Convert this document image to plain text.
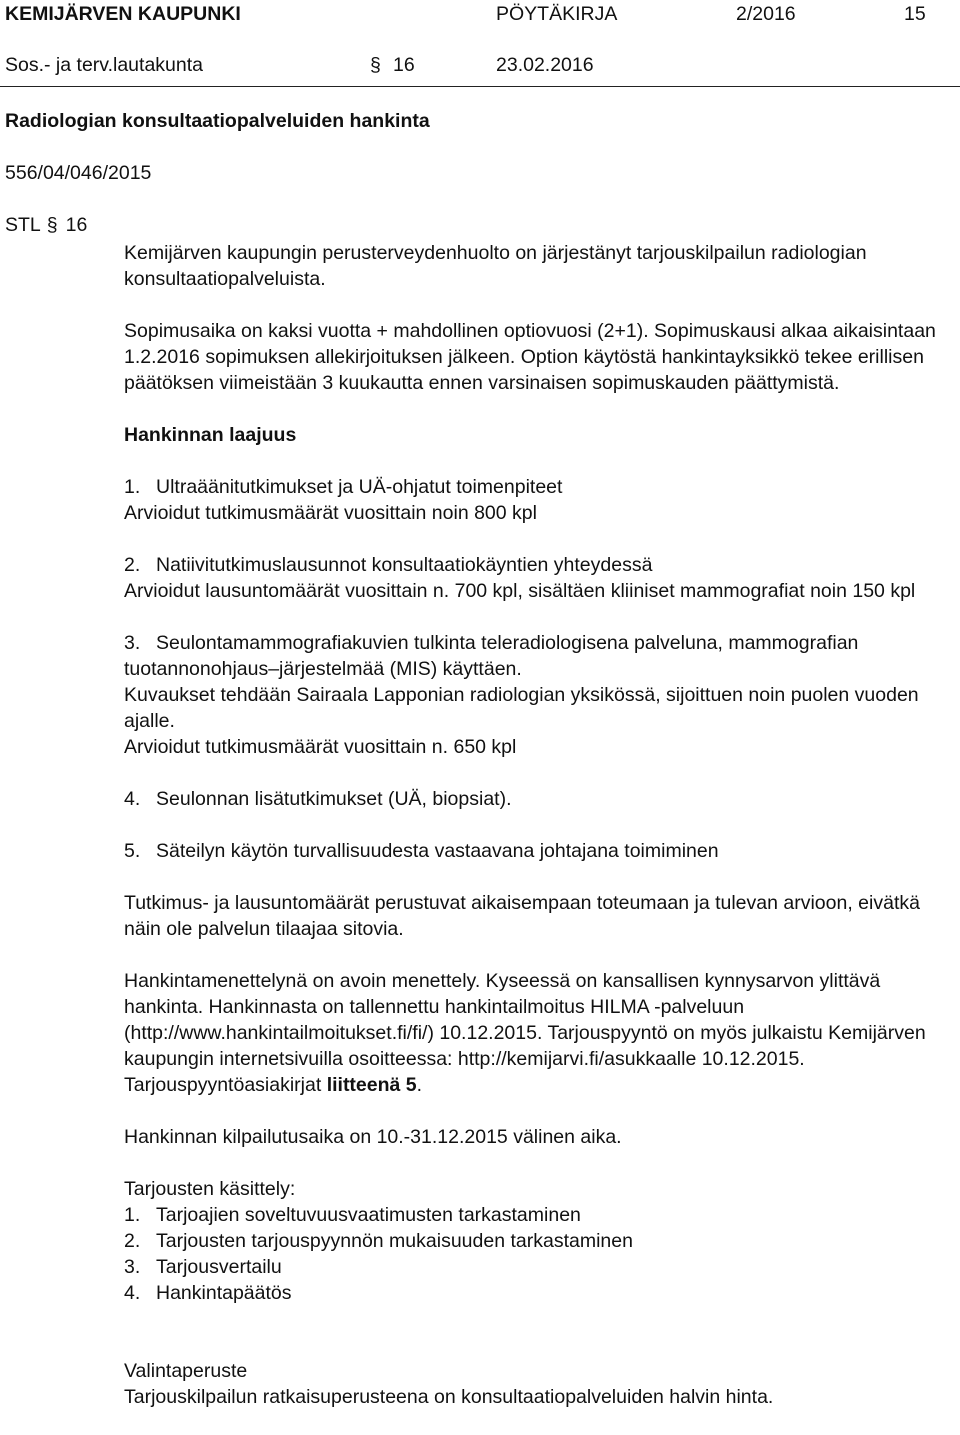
KEMIJÄRVEN KAUPUNKI	PÖYTÄKIRJA	2/2016	15
Sos.- ja terv.lautakunta	§ 16	23.02.2016
Radiologian konsultaatiopalveluiden hankinta
556/04/046/2015
STL § 16

Kemijärven kaupungin perusterveydenhuolto on järjestänyt tarjouskilpailun radiologian konsultaatiopalveluista.

Sopimusaika on kaksi vuotta + mahdollinen optiovuosi (2+1). Sopimuskausi alkaa aikaisintaan 1.2.2016 sopimuksen allekirjoituksen jälkeen. Option käytöstä hankintayksikkö tekee erillisen päätöksen viimeistään 3 kuukautta ennen varsinaisen sopimuskauden päättymistä.

Hankinnan laajuus

1. Ultraäänitutkimukset ja UÄ-ohjatut toimenpiteet

Arvioidut tutkimusmäärät vuosittain noin 800 kpl

2. Natiivitutkimuslausunnot konsultaatiokäyntien yhteydessä

Arvioidut lausuntomäärät vuosittain n. 700 kpl, sisältäen kliiniset mammografiat noin 150 kpl

3. Seulontamammografiakuvien tulkinta teleradiologisena palveluna, mammografian tuotannonohjaus–järjestelmää (MIS) käyttäen.

Kuvaukset tehdään Sairaala Lapponian radiologian yksikössä, sijoittuen noin puolen vuoden ajalle.

Arvioidut tutkimusmäärät vuosittain n. 650 kpl

4. Seulonnan lisätutkimukset (UÄ, biopsiat).

5. Säteilyn käytön turvallisuudesta vastaavana johtajana toimiminen

Tutkimus- ja lausuntomäärät perustuvat aikaisempaan toteumaan ja tulevan arvioon, eivätkä näin ole palvelun tilaajaa sitovia.

Hankintamenettelynä on avoin menettely. Kyseessä on kansallisen kynnysarvon ylittävä hankinta. Hankinnasta on tallennettu hankintailmoitus HILMA -palveluun (http://www.hankintailmoitukset.fi/fi/) 10.12.2015. Tarjouspyyntö on myös julkaistu Kemijärven kaupungin internetsivuilla osoitteessa: http://kemijarvi.fi/asukkaalle 10.12.2015. Tarjouspyyntöasiakirjat liitteenä 5.

Hankinnan kilpailutusaika on 10.-31.12.2015 välinen aika.

Tarjousten käsittely:

1. Tarjoajien soveltuvuusvaatimusten tarkastaminen

2. Tarjousten tarjouspyynnön mukaisuuden tarkastaminen

3. Tarjousvertailu

4. Hankintapäätös

Valintaperuste

Tarjouskilpailun ratkaisuperusteena on konsultaatiopalveluiden halvin hinta.
